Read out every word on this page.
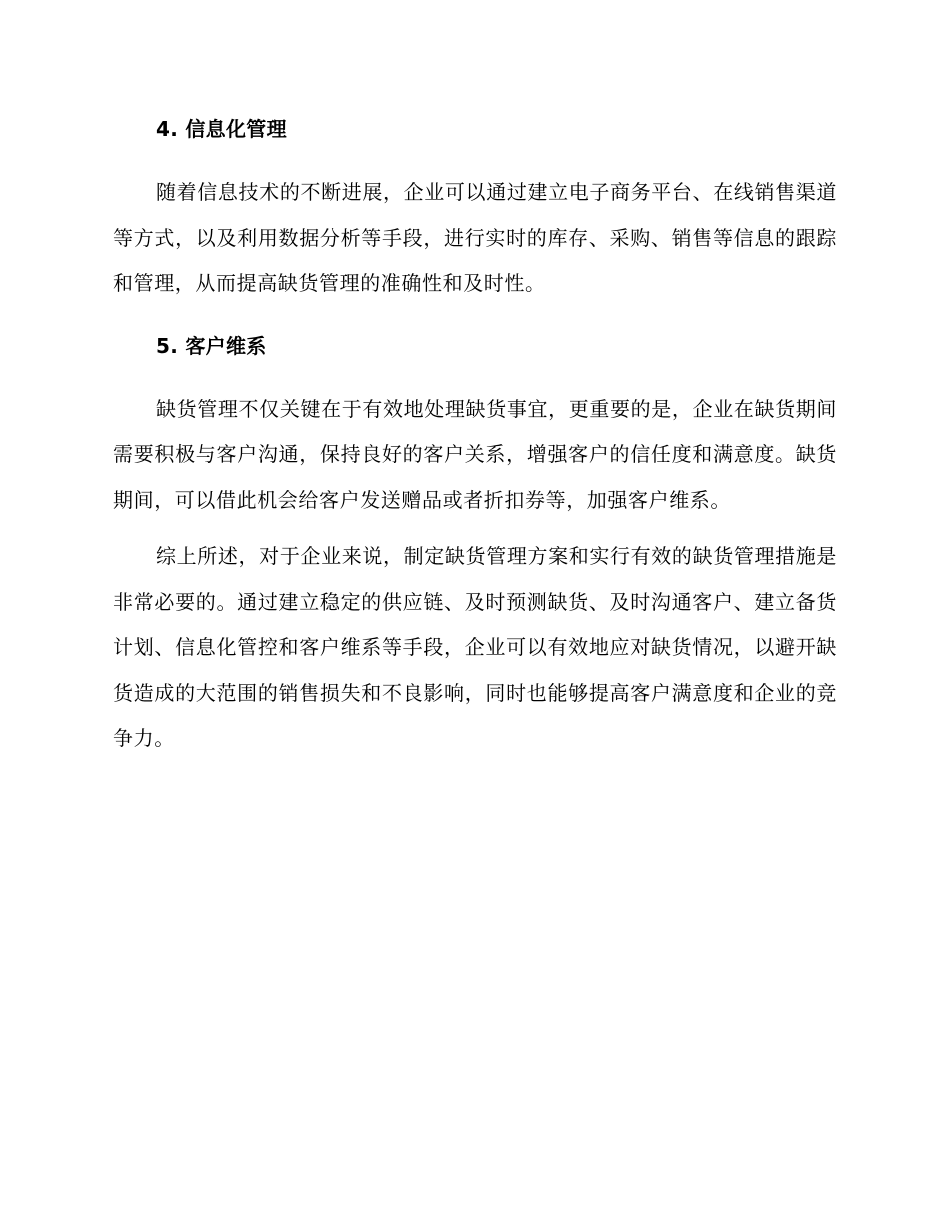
4. 信息化管理

随着信息技术的不断进展，企业可以通过建立电子商务平台、在线销售渠道等方式，以及利用数据分析等手段，进行实时的库存、采购、销售等信息的跟踪和管理，从而提高缺货管理的准确性和及时性。

5. 客户维系

缺货管理不仅关键在于有效地处理缺货事宜，更重要的是，企业在缺货期间需要积极与客户沟通，保持良好的客户关系，增强客户的信任度和满意度。缺货期间，可以借此机会给客户发送赠品或者折扣券等，加强客户维系。

综上所述，对于企业来说，制定缺货管理方案和实行有效的缺货管理措施是非常必要的。通过建立稳定的供应链、及时预测缺货、及时沟通客户、建立备货计划、信息化管控和客户维系等手段，企业可以有效地应对缺货情况，以避开缺货造成的大范围的销售损失和不良影响，同时也能够提高客户满意度和企业的竞争力。
